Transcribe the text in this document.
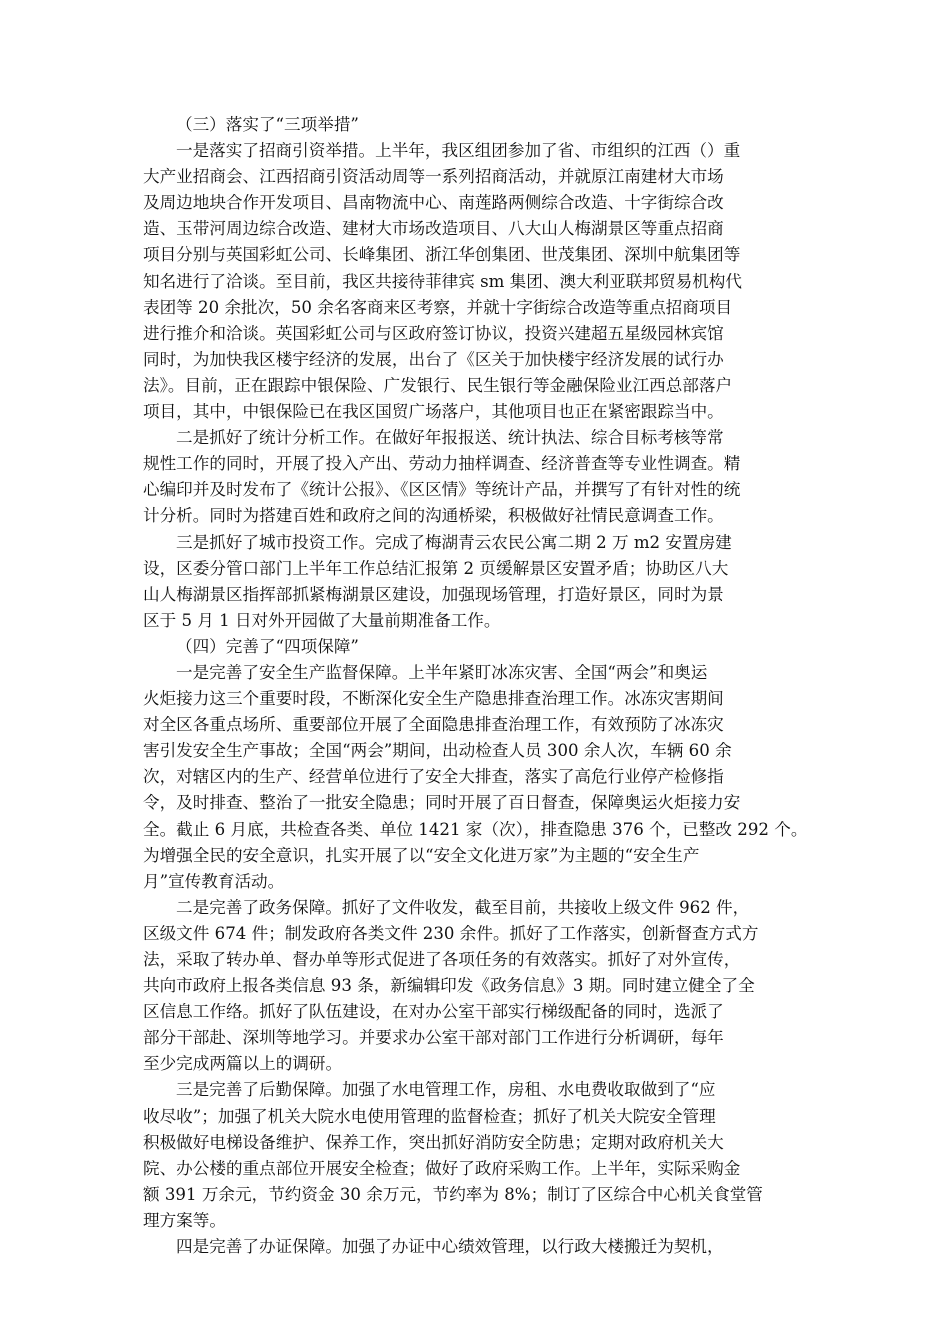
（三）落实了“三项举措”
一是落实了招商引资举措。上半年，我区组团参加了省、市组织的江西（）重
大产业招商会、江西招商引资活动周等一系列招商活动，并就原江南建材大市场
及周边地块合作开发项目、昌南物流中心、南莲路两侧综合改造、十字街综合改
造、玉带河周边综合改造、建材大市场改造项目、八大山人梅湖景区等重点招商
项目分别与英国彩虹公司、长峰集团、浙江华创集团、世茂集团、深圳中航集团等
知名进行了洽谈。至目前，我区共接待菲律宾 sm 集团、澳大利亚联邦贸易机构代
表团等 20 余批次，50 余名客商来区考察，并就十字街综合改造等重点招商项目
进行推介和洽谈。英国彩虹公司与区政府签订协议，投资兴建超五星级园林宾馆
同时，为加快我区楼宇经济的发展，出台了《区关于加快楼宇经济发展的试行办
法》。目前，正在跟踪中银保险、广发银行、民生银行等金融保险业江西总部落户
项目，其中，中银保险已在我区国贸广场落户，其他项目也正在紧密跟踪当中。
二是抓好了统计分析工作。在做好年报报送、统计执法、综合目标考核等常
规性工作的同时，开展了投入产出、劳动力抽样调查、经济普查等专业性调查。精
心编印并及时发布了《统计公报》、《区区情》等统计产品，并撰写了有针对性的统
计分析。同时为搭建百姓和政府之间的沟通桥梁，积极做好社情民意调查工作。
三是抓好了城市投资工作。完成了梅湖青云农民公寓二期 2 万 m2 安置房建
设，区委分管口部门上半年工作总结汇报第 2 页缓解景区安置矛盾；协助区八大
山人梅湖景区指挥部抓紧梅湖景区建设，加强现场管理，打造好景区，同时为景
区于 5 月 1 日对外开园做了大量前期准备工作。
（四）完善了“四项保障”
一是完善了安全生产监督保障。上半年紧盯冰冻灾害、全国“两会”和奥运
火炬接力这三个重要时段，不断深化安全生产隐患排查治理工作。冰冻灾害期间
对全区各重点场所、重要部位开展了全面隐患排查治理工作，有效预防了冰冻灾
害引发安全生产事故；全国“两会”期间，出动检查人员 300 余人次，车辆 60 余
次，对辖区内的生产、经营单位进行了安全大排查，落实了高危行业停产检修指
令，及时排查、整治了一批安全隐患；同时开展了百日督查，保障奥运火炬接力安
全。截止 6 月底，共检查各类、单位 1421 家（次），排查隐患 376 个，已整改 292 个。
为增强全民的安全意识，扎实开展了以“安全文化进万家”为主题的“安全生产
月”宣传教育活动。
二是完善了政务保障。抓好了文件收发，截至目前，共接收上级文件 962 件，
区级文件 674 件；制发政府各类文件 230 余件。抓好了工作落实，创新督查方式方
法，采取了转办单、督办单等形式促进了各项任务的有效落实。抓好了对外宣传，
共向市政府上报各类信息 93 条，新编辑印发《政务信息》3 期。同时建立健全了全
区信息工作络。抓好了队伍建设，在对办公室干部实行梯级配备的同时，选派了
部分干部赴、深圳等地学习。并要求办公室干部对部门工作进行分析调研，每年
至少完成两篇以上的调研。
三是完善了后勤保障。加强了水电管理工作，房租、水电费收取做到了“应
收尽收”；加强了机关大院水电使用管理的监督检查；抓好了机关大院安全管理
积极做好电梯设备维护、保养工作，突出抓好消防安全防患；定期对政府机关大
院、办公楼的重点部位开展安全检查；做好了政府采购工作。上半年，实际采购金
额 391 万余元，节约资金 30 余万元，节约率为 8%；制订了区综合中心机关食堂管
理方案等。
四是完善了办证保障。加强了办证中心绩效管理，以行政大楼搬迁为契机，
